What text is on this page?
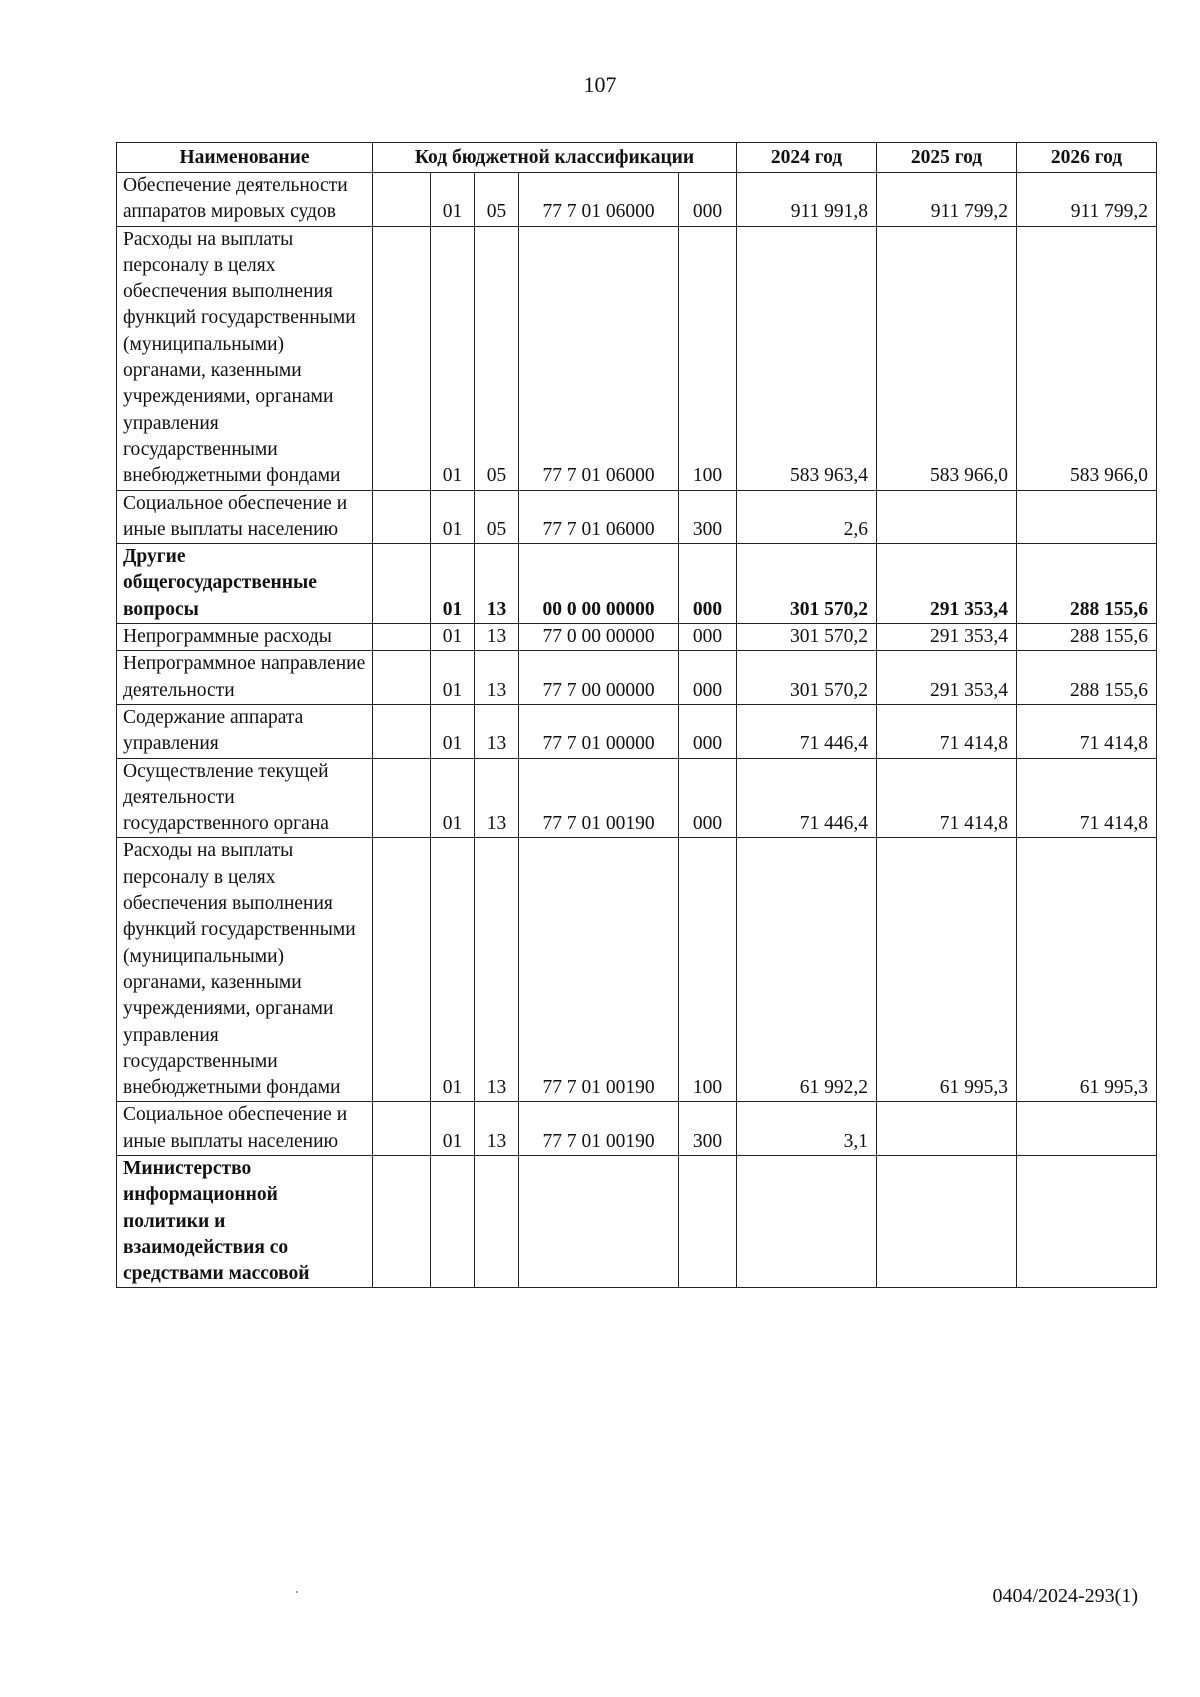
107
Наименование	Код бюджетной классификации					2024 год	2025 год	2026 год
Обеспечение деятельности аппаратов мировых судов		01	05	77 7 01 06000	000	911 991,8	911 799,2	911 799,2
Расходы на выплаты персоналу в целях обеспечения выполнения функций государственными (муниципальными) органами, казенными учреждениями, органами управления государственными внебюджетными фондами		01	05	77 7 01 06000	100	583 963,4	583 966,0	583 966,0
Социальное обеспечение и иные выплаты населению		01	05	77 7 01 06000	300	2,6		
Другие общегосударственные вопросы		01	13	00 0 00 00000	000	301 570,2	291 353,4	288 155,6
Непрограммные расходы		01	13	77 0 00 00000	000	301 570,2	291 353,4	288 155,6
Непрограммное направление деятельности		01	13	77 7 00 00000	000	301 570,2	291 353,4	288 155,6
Содержание аппарата управления		01	13	77 7 01 00000	000	71 446,4	71 414,8	71 414,8
Осуществление текущей деятельности государственного органа		01	13	77 7 01 00190	000	71 446,4	71 414,8	71 414,8
Расходы на выплаты персоналу в целях обеспечения выполнения функций государственными (муниципальными) органами, казенными учреждениями, органами управления государственными внебюджетными фондами		01	13	77 7 01 00190	100	61 992,2	61 995,3	61 995,3
Социальное обеспечение и иные выплаты населению		01	13	77 7 01 00190	300	3,1		
Министерство информационной политики и взаимодействия со средствами массовой								
0404/2024-293(1)
